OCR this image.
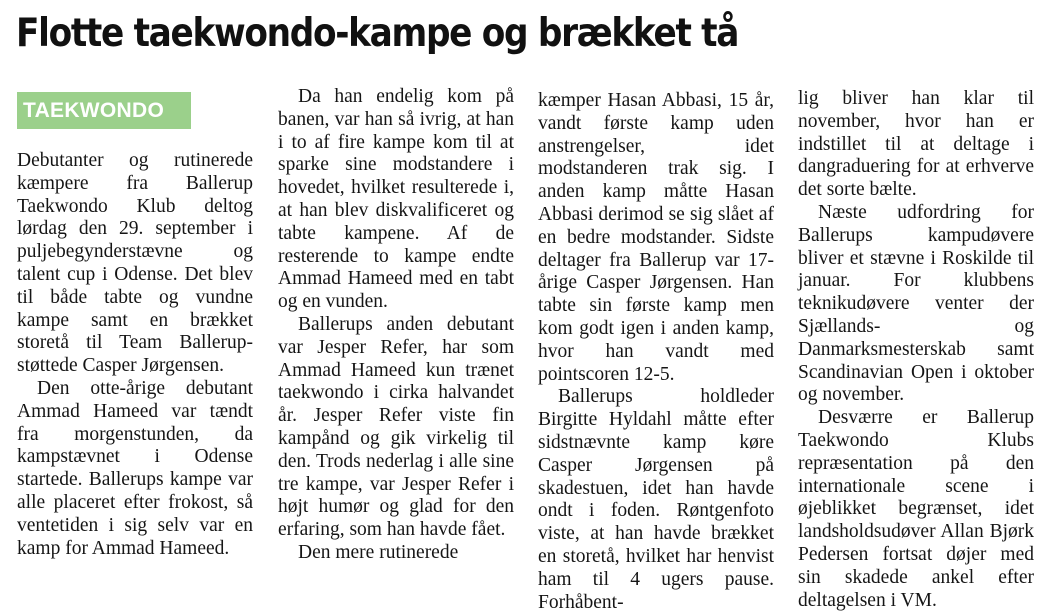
Flotte taekwondo-kampe og brækket tå
TAEKWONDO

Debutanter og rutinerede kæmpere fra Ballerup Taekwondo Klub deltog lørdag den 29. september i puljebegynderstævne og talent cup i Odense. Det blev til både tabte og vundne kampe samt en brækket storetå til Team Ballerup-støttede Casper Jørgensen.

Den otte-årige debutant Ammad Hameed var tændt fra morgenstunden, da kampstævnet i Odense startede. Ballerups kampe var alle placeret efter frokost, så ventetiden i sig selv var en kamp for Ammad Hameed.

Da han endelig kom på banen, var han så ivrig, at han i to af fire kampe kom til at sparke sine modstandere i hovedet, hvilket resulterede i, at han blev diskvalificeret og tabte kampene. Af de resterende to kampe endte Ammad Hameed med en tabt og en vunden.

Ballerups anden debutant var Jesper Refer, har som Ammad Hameed kun trænet taekwondo i cirka halvandet år. Jesper Refer viste fin kampånd og gik virkelig til den. Trods nederlag i alle sine tre kampe, var Jesper Refer i højt humør og glad for den erfaring, som han havde fået.

Den mere rutinerede

kæmper Hasan Abbasi, 15 år, vandt første kamp uden anstrengelser, idet modstanderen trak sig. I anden kamp måtte Hasan Abbasi derimod se sig slået af en bedre modstander. Sidste deltager fra Ballerup var 17-årige Casper Jørgensen. Han tabte sin første kamp men kom godt igen i anden kamp, hvor han vandt med pointscoren 12-5.

Ballerups holdleder Birgitte Hyldahl måtte efter sidstnævnte kamp køre Casper Jørgensen på skadestuen, idet han havde ondt i foden. Røntgenfoto viste, at han havde brækket en storetå, hvilket har henvist ham til 4 ugers pause. Forhåbent-

lig bliver han klar til november, hvor han er indstillet til at deltage i dangraduering for at erhverve det sorte bælte.

Næste udfordring for Ballerups kampudøvere bliver et stævne i Roskilde til januar. For klubbens teknikudøvere venter der Sjællands- og Danmarksmesterskab samt Scandinavian Open i oktober og november.

Desværre er Ballerup Taekwondo Klubs repræsentation på den internationale scene i øjeblikket begrænset, idet landsholdsudøver Allan Bjørk Pedersen fortsat døjer med sin skadede ankel efter deltagelsen i VM.
